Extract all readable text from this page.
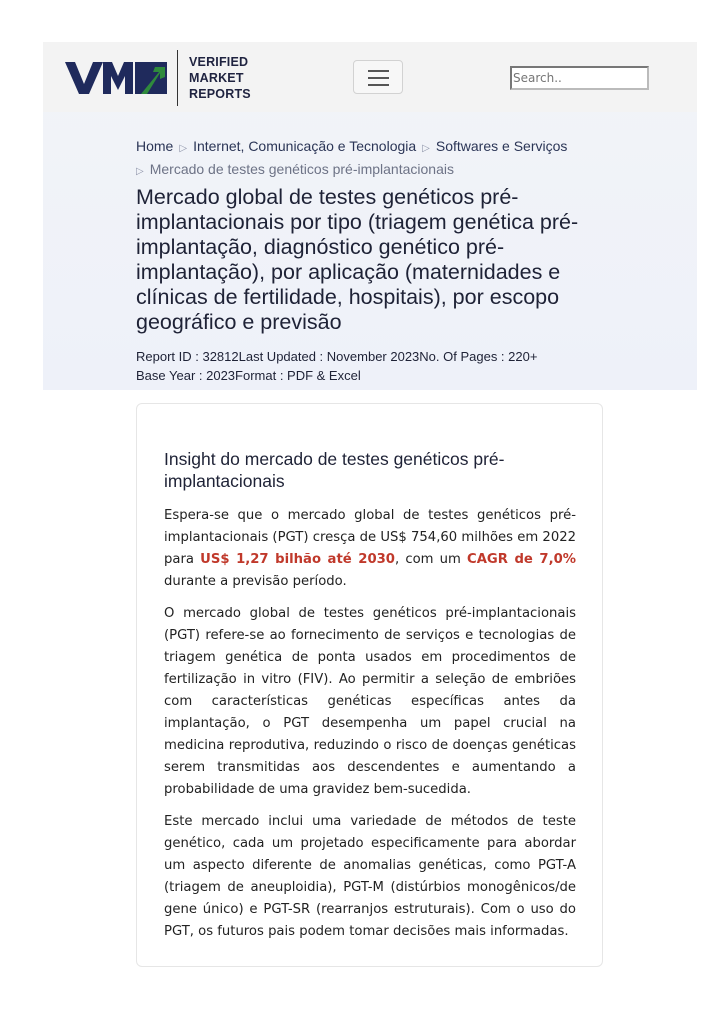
VERIFIED
MARKET
REPORTS
Search..
Home ▷ Internet, Comunicação e Tecnologia ▷ Softwares e Serviços
▷ Mercado de testes genéticos pré-implantacionais
Mercado global de testes genéticos pré-implantacionais por tipo (triagem genética pré-implantação, diagnóstico genético pré-implantação), por aplicação (maternidades e clínicas de fertilidade, hospitais), por escopo geográfico e previsão
Report ID : 32812Last Updated : November 2023No. Of Pages : 220+
Base Year : 2023Format : PDF & Excel
Insight do mercado de testes genéticos pré-implantacionais

Espera-se que o mercado global de testes genéticos pré-implantacionais (PGT) cresça de US$ 754,60 milhões em 2022 para US$ 1,27 bilhão até 2030, com um CAGR de 7,0% durante a previsão período.

O mercado global de testes genéticos pré-implantacionais (PGT) refere-se ao fornecimento de serviços e tecnologias de triagem genética de ponta usados em procedimentos de fertilização in vitro (FIV). Ao permitir a seleção de embriões com características genéticas específicas antes da implantação, o PGT desempenha um papel crucial na medicina reprodutiva, reduzindo o risco de doenças genéticas serem transmitidas aos descendentes e aumentando a probabilidade de uma gravidez bem-sucedida.

Este mercado inclui uma variedade de métodos de teste genético, cada um projetado especificamente para abordar um aspecto diferente de anomalias genéticas, como PGT-A (triagem de aneuploidia), PGT-M (distúrbios monogênicos/de gene único) e PGT-SR (rearranjos estruturais). Com o uso do PGT, os futuros pais podem tomar decisões mais informadas.
